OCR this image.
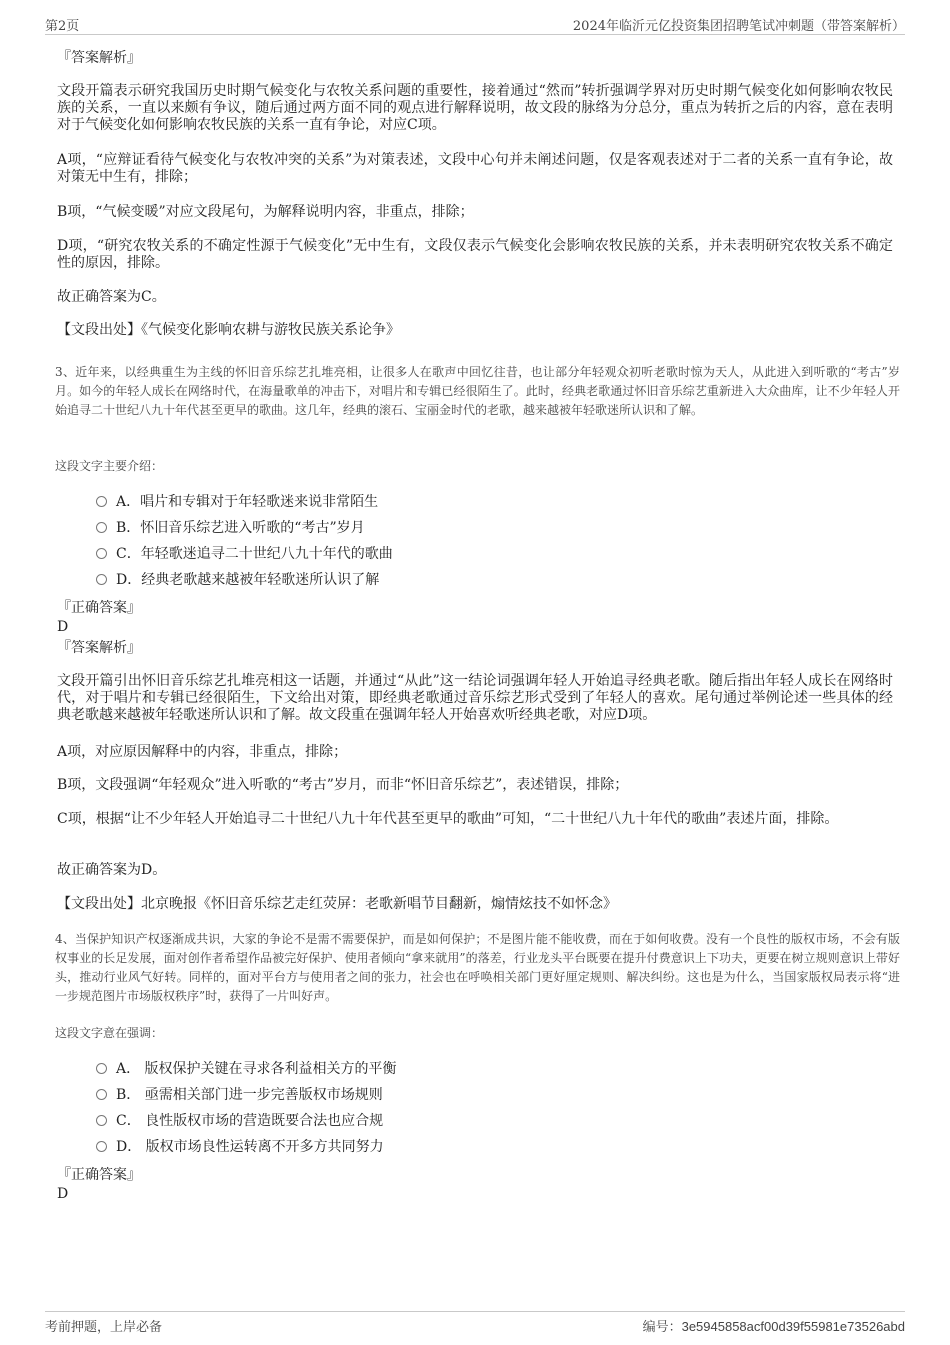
第2页	2024年临沂元亿投资集团招聘笔试冲刺题（带答案解析）
『答案解析』

文段开篇表示研究我国历史时期气候变化与农牧关系问题的重要性，接着通过“然而”转折强调学界对历史时期气候变化如何影响农牧民族的关系，一直以来颇有争议，随后通过两方面不同的观点进行解释说明，故文段的脉络为分总分，重点为转折之后的内容，意在表明对于气候变化如何影响农牧民族的关系一直有争论，对应C项。

A项，“应辩证看待气候变化与农牧冲突的关系”为对策表述，文段中心句并未阐述问题，仅是客观表述对于二者的关系一直有争论，故对策无中生有，排除；

B项，“气候变暖”对应文段尾句，为解释说明内容，非重点，排除；

D项，“研究农牧关系的不确定性源于气候变化”无中生有，文段仅表示气候变化会影响农牧民族的关系，并未表明研究农牧关系不确定性的原因，排除。

故正确答案为C。

【文段出处】《气候变化影响农耕与游牧民族关系论争》

3、近年来，以经典重生为主线的怀旧音乐综艺扎堆亮相，让很多人在歌声中回忆往昔，也让部分年轻观众初听老歌时惊为天人，从此进入到听歌的“考古”岁月。如今的年轻人成长在网络时代，在海量歌单的冲击下，对唱片和专辑已经很陌生了。此时，经典老歌通过怀旧音乐综艺重新进入大众曲库，让不少年轻人开始追寻二十世纪八九十年代甚至更早的歌曲。这几年，经典的滚石、宝丽金时代的老歌，越来越被年轻歌迷所认识和了解。

这段文字主要介绍：
A．唱片和专辑对于年轻歌迷来说非常陌生
B．怀旧音乐综艺进入听歌的“考古”岁月
C．年轻歌迷追寻二十世纪八九十年代的歌曲
D．经典老歌越来越被年轻歌迷所认识了解
『正确答案』
D
『答案解析』

文段开篇引出怀旧音乐综艺扎堆亮相这一话题，并通过“从此”这一结论词强调年轻人开始追寻经典老歌。随后指出年轻人成长在网络时代，对于唱片和专辑已经很陌生，下文给出对策，即经典老歌通过音乐综艺形式受到了年轻人的喜欢。尾句通过举例论述一些具体的经典老歌越来越被年轻歌迷所认识和了解。故文段重在强调年轻人开始喜欢听经典老歌，对应D项。

A项，对应原因解释中的内容，非重点，排除；

B项，文段强调“年轻观众”进入听歌的“考古”岁月，而非“怀旧音乐综艺”，表述错误，排除；

C项，根据“让不少年轻人开始追寻二十世纪八九十年代甚至更早的歌曲”可知，“二十世纪八九十年代的歌曲”表述片面，排除。

故正确答案为D。

【文段出处】北京晚报《怀旧音乐综艺走红荧屏：老歌新唱节目翻新，煽情炫技不如怀念》

4、当保护知识产权逐渐成共识，大家的争论不是需不需要保护，而是如何保护；不是图片能不能收费，而在于如何收费。没有一个良性的版权市场，不会有版权事业的长足发展，面对创作者希望作品被完好保护、使用者倾向“拿来就用”的落差，行业龙头平台既要在提升付费意识上下功夫，更要在树立规则意识上带好头，推动行业风气好转。同样的，面对平台方与使用者之间的张力，社会也在呼唤相关部门更好厘定规则、解决纠纷。这也是为什么，当国家版权局表示将“进一步规范图片市场版权秩序”时，获得了一片叫好声。

这段文字意在强调：
A． 版权保护关键在寻求各利益相关方的平衡
B． 亟需相关部门进一步完善版权市场规则
C． 良性版权市场的营造既要合法也应合规
D． 版权市场良性运转离不开多方共同努力
『正确答案』
D
考前押题，上岸必备	编号：3e5945858acf00d39f55981e73526abd
